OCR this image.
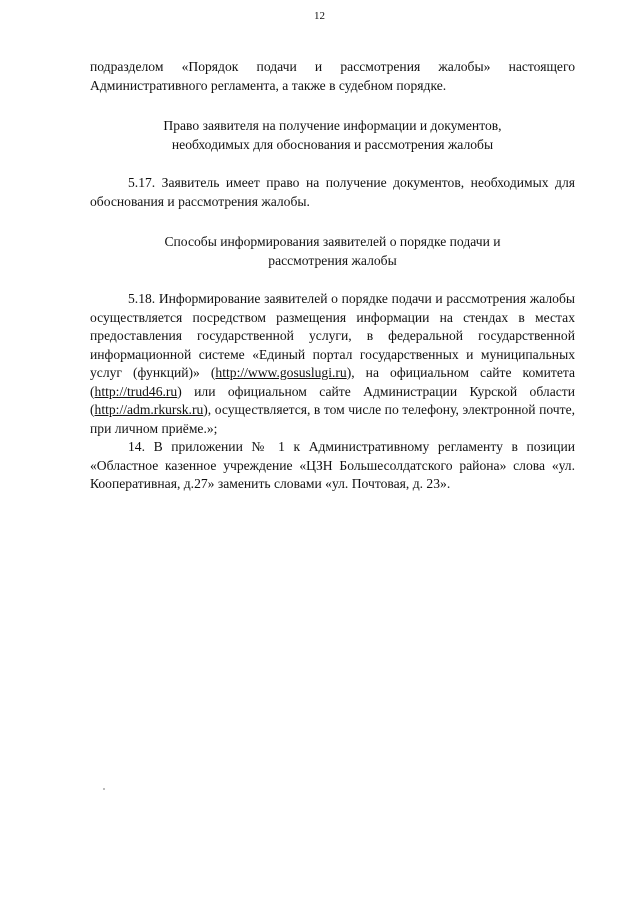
12

подразделом «Порядок подачи и рассмотрения жалобы» настоящего Административного регламента, а также в судебном порядке.

Право заявителя на получение информации и документов, необходимых для обоснования и рассмотрения жалобы

5.17. Заявитель имеет право на получение документов, необходимых для обоснования и рассмотрения жалобы.

Способы информирования заявителей о порядке подачи и рассмотрения жалобы

5.18. Информирование заявителей о порядке подачи и рассмотрения жалобы осуществляется посредством размещения информации на стендах в местах предоставления государственной услуги, в федеральной государственной информационной системе «Единый портал государственных и муниципальных услуг (функций)» (http://www.gosuslugi.ru), на официальном сайте комитета (http://trud46.ru) или официальном сайте Администрации Курской области (http://adm.rkursk.ru), осуществляется, в том числе по телефону, электронной почте, при личном приёме.»;

14. В приложении № 1 к Административному регламенту в позиции «Областное казенное учреждение «ЦЗН Большесолдатского района» слова «ул. Кооперативная, д.27» заменить словами «ул. Почтовая, д. 23».
